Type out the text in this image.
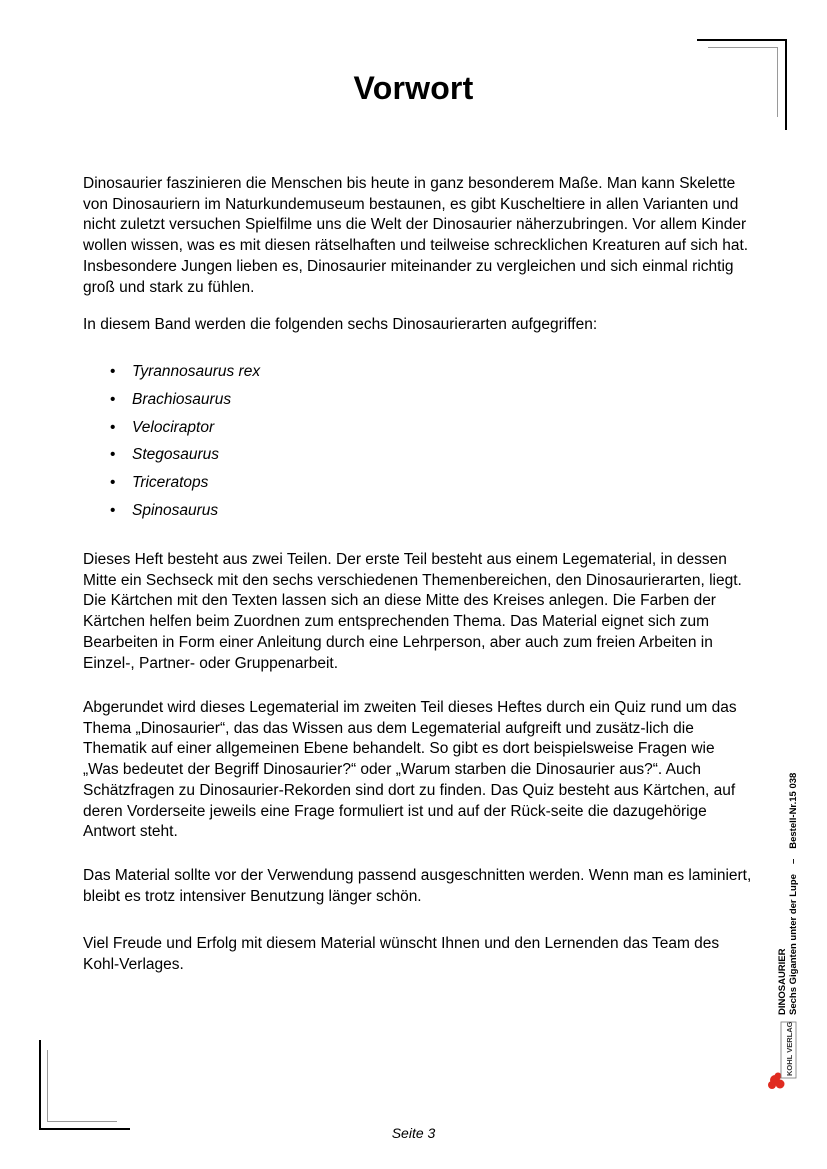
Vorwort

Dinosaurier faszinieren die Menschen bis heute in ganz besonderem Maße. Man kann Skelette von Dinosauriern im Naturkundemuseum bestaunen, es gibt Kuscheltiere in allen Varianten und nicht zuletzt versuchen Spielfilme uns die Welt der Dinosaurier näherzubringen. Vor allem Kinder wollen wissen, was es mit diesen rätselhaften und teilweise schrecklichen Kreaturen auf sich hat. Insbesondere Jungen lieben es, Dinosaurier miteinander zu vergleichen und sich einmal richtig groß und stark zu fühlen.

In diesem Band werden die folgenden sechs Dinosaurierarten aufgegriffen:

•	Tyrannosaurus rex
•	Brachiosaurus
•	Velociraptor
•	Stegosaurus
•	Triceratops
•	Spinosaurus

Dieses Heft besteht aus zwei Teilen. Der erste Teil besteht aus einem Legematerial, in dessen Mitte ein Sechseck mit den sechs verschiedenen Themenbereichen, den Dinosaurierarten, liegt. Die Kärtchen mit den Texten lassen sich an diese Mitte des Kreises anlegen. Die Farben der Kärtchen helfen beim Zuordnen zum entsprechenden Thema. Das Material eignet sich zum Bearbeiten in Form einer Anleitung durch eine Lehrperson, aber auch zum freien Arbeiten in Einzel-, Partner- oder Gruppenarbeit.

Abgerundet wird dieses Legematerial im zweiten Teil dieses Heftes durch ein Quiz rund um das Thema „Dinosaurier“, das das Wissen aus dem Legematerial aufgreift und zusätz-lich die Thematik auf einer allgemeinen Ebene behandelt. So gibt es dort beispielsweise Fragen wie „Was bedeutet der Begriff Dinosaurier?“ oder „Warum starben die Dinosaurier aus?“. Auch Schätzfragen zu Dinosaurier-Rekorden sind dort zu finden. Das Quiz besteht aus Kärtchen, auf deren Vorderseite jeweils eine Frage formuliert ist und auf der Rück-seite die dazugehörige Antwort steht.

Das Material sollte vor der Verwendung passend ausgeschnitten werden. Wenn man es laminiert, bleibt es trotz intensiver Benutzung länger schön.

Viel Freude und Erfolg mit diesem Material wünscht Ihnen und den Lernenden das Team des Kohl-Verlages.	DINOSAURIER Sechs Giganten unter der Lupe–Bestell-Nr.15 038
KOHL VERLAG
Seite 3
